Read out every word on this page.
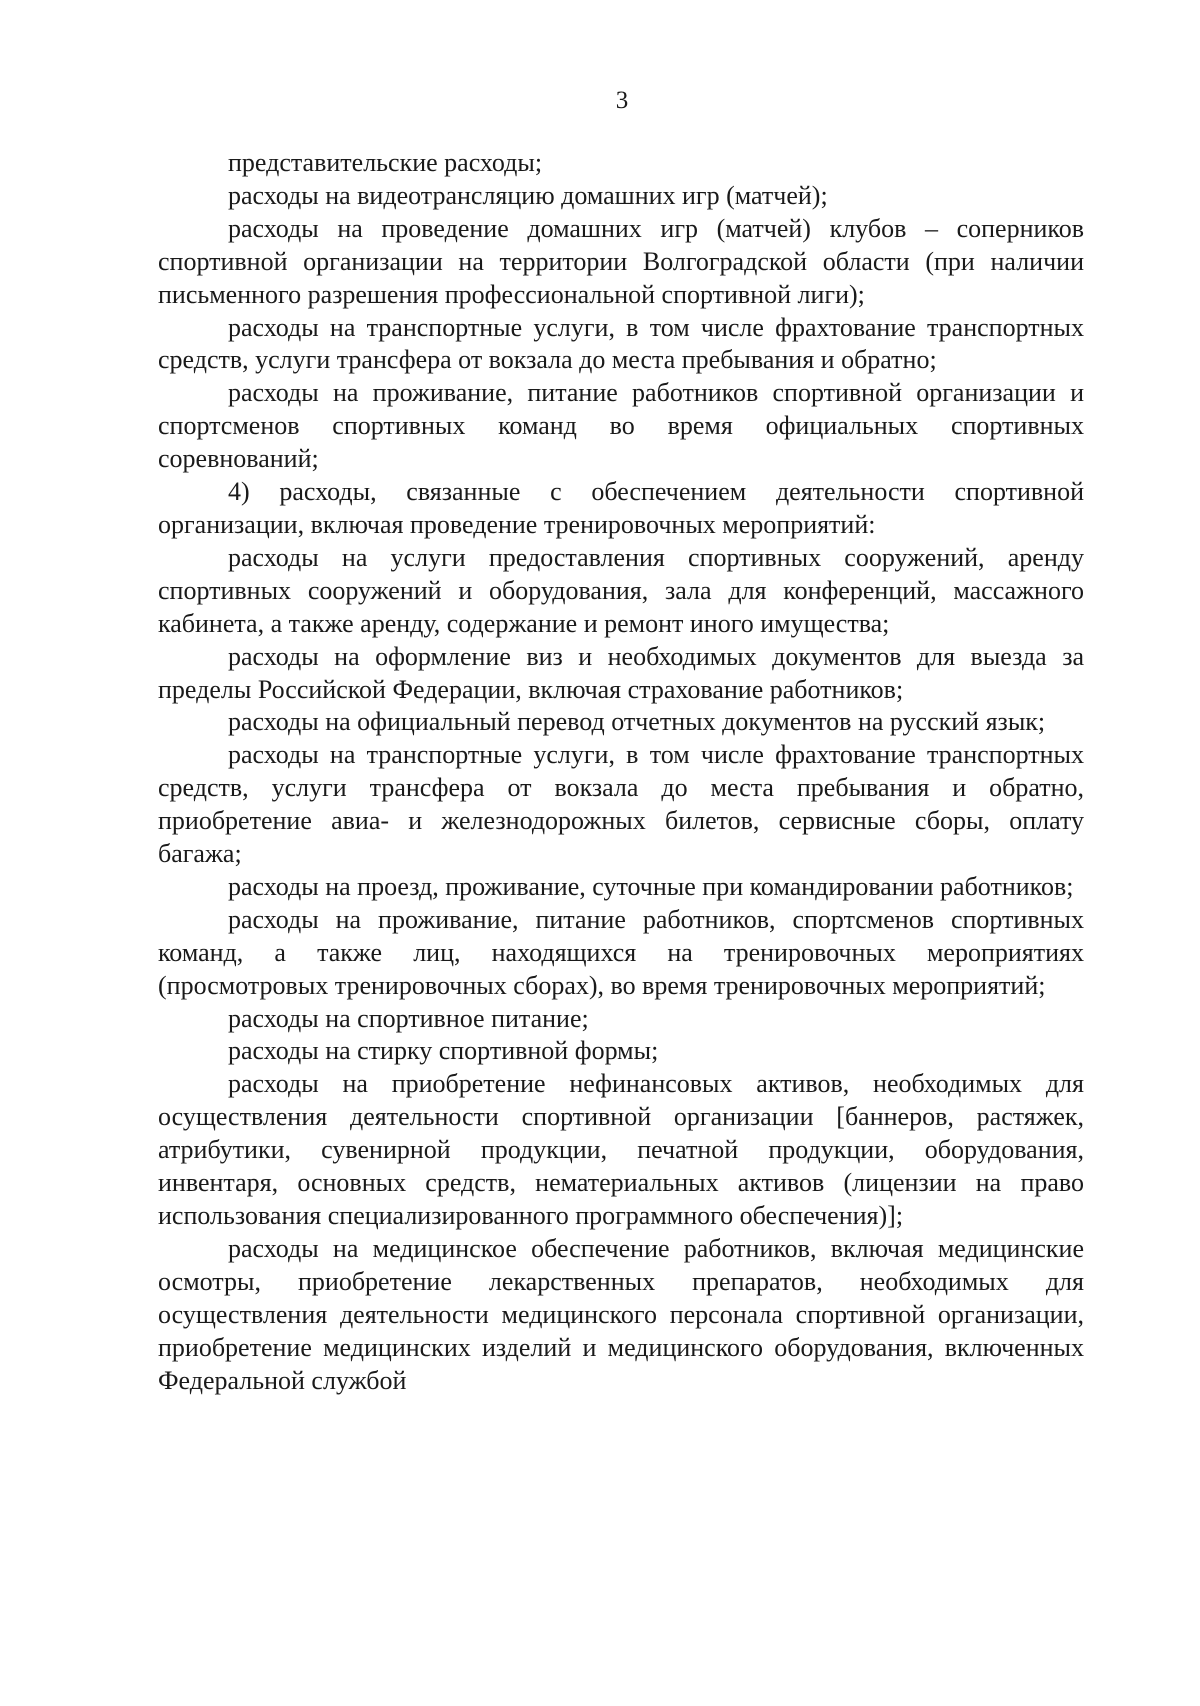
3

представительские расходы;

расходы на видеотрансляцию домашних игр (матчей);

расходы на проведение домашних игр (матчей) клубов – соперников спортивной организации на территории Волгоградской области (при наличии письменного разрешения профессиональной спортивной лиги);

расходы на транспортные услуги, в том числе фрахтование транспортных средств, услуги трансфера от вокзала до места пребывания и обратно;

расходы на проживание, питание работников спортивной организации и спортсменов спортивных команд во время официальных спортивных соревнований;

4) расходы, связанные с обеспечением деятельности спортивной организации, включая проведение тренировочных мероприятий:

расходы на услуги предоставления спортивных сооружений, аренду спортивных сооружений и оборудования, зала для конференций, массажного кабинета, а также аренду, содержание и ремонт иного имущества;

расходы на оформление виз и необходимых документов для выезда за пределы Российской Федерации, включая страхование работников;

расходы на официальный перевод отчетных документов на русский язык;

расходы на транспортные услуги, в том числе фрахтование транспортных средств, услуги трансфера от вокзала до места пребывания и обратно, приобретение авиа- и железнодорожных билетов, сервисные сборы, оплату багажа;

расходы на проезд, проживание, суточные при командировании работников;

расходы на проживание, питание работников, спортсменов спортивных команд, а также лиц, находящихся на тренировочных мероприятиях (просмотровых тренировочных сборах), во время тренировочных мероприятий;

расходы на спортивное питание;

расходы на стирку спортивной формы;

расходы на приобретение нефинансовых активов, необходимых для осуществления деятельности спортивной организации [баннеров, растяжек, атрибутики, сувенирной продукции, печатной продукции, оборудования, инвентаря, основных средств, нематериальных активов (лицензии на право использования специализированного программного обеспечения)];

расходы на медицинское обеспечение работников, включая медицинские осмотры, приобретение лекарственных препаратов, необходимых для осуществления деятельности медицинского персонала спортивной организации, приобретение медицинских изделий и медицинского оборудования, включенных Федеральной службой
